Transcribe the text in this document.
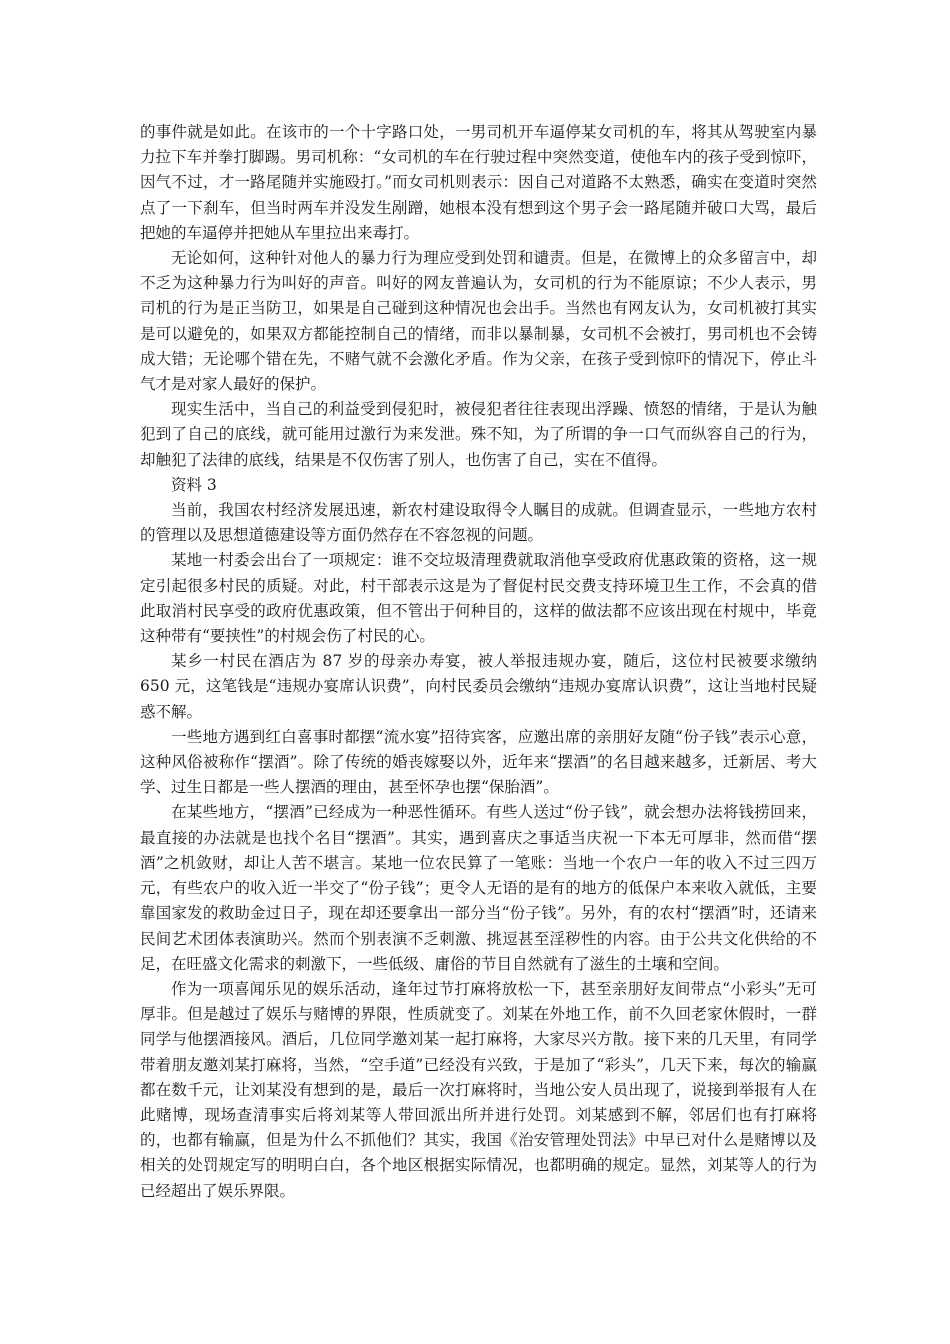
的事件就是如此。在该市的一个十字路口处，一男司机开车逼停某女司机的车，将其从驾驶室内暴力拉下车并拳打脚踢。男司机称：“女司机的车在行驶过程中突然变道，使他车内的孩子受到惊吓，因气不过，才一路尾随并实施殴打。”而女司机则表示：因自己对道路不太熟悉，确实在变道时突然点了一下刹车，但当时两车并没发生剐蹭，她根本没有想到这个男子会一路尾随并破口大骂，最后把她的车逼停并把她从车里拉出来毒打。

无论如何，这种针对他人的暴力行为理应受到处罚和谴责。但是，在微博上的众多留言中，却不乏为这种暴力行为叫好的声音。叫好的网友普遍认为，女司机的行为不能原谅；不少人表示，男司机的行为是正当防卫，如果是自己碰到这种情况也会出手。当然也有网友认为，女司机被打其实是可以避免的，如果双方都能控制自己的情绪，而非以暴制暴，女司机不会被打，男司机也不会铸成大错；无论哪个错在先，不赌气就不会激化矛盾。作为父亲，在孩子受到惊吓的情况下，停止斗气才是对家人最好的保护。

现实生活中，当自己的利益受到侵犯时，被侵犯者往往表现出浮躁、愤怒的情绪，于是认为触犯到了自己的底线，就可能用过激行为来发泄。殊不知，为了所谓的争一口气而纵容自己的行为，却触犯了法律的底线，结果是不仅伤害了别人，也伤害了自己，实在不值得。

资料 3

当前，我国农村经济发展迅速，新农村建设取得令人瞩目的成就。但调查显示，一些地方农村的管理以及思想道德建设等方面仍然存在不容忽视的问题。

某地一村委会出台了一项规定：谁不交垃圾清理费就取消他享受政府优惠政策的资格，这一规定引起很多村民的质疑。对此，村干部表示这是为了督促村民交费支持环境卫生工作，不会真的借此取消村民享受的政府优惠政策，但不管出于何种目的，这样的做法都不应该出现在村规中，毕竟这种带有“要挟性”的村规会伤了村民的心。

某乡一村民在酒店为 87 岁的母亲办寿宴，被人举报违规办宴，随后，这位村民被要求缴纳 650 元，这笔钱是“违规办宴席认识费”，向村民委员会缴纳“违规办宴席认识费”，这让当地村民疑惑不解。

一些地方遇到红白喜事时都摆“流水宴”招待宾客，应邀出席的亲朋好友随“份子钱”表示心意，这种风俗被称作“摆酒”。除了传统的婚丧嫁娶以外，近年来“摆酒”的名目越来越多，迁新居、考大学、过生日都是一些人摆酒的理由，甚至怀孕也摆“保胎酒”。

在某些地方，“摆酒”已经成为一种恶性循环。有些人送过“份子钱”，就会想办法将钱捞回来，最直接的办法就是也找个名目“摆酒”。其实，遇到喜庆之事适当庆祝一下本无可厚非，然而借“摆酒”之机敛财，却让人苦不堪言。某地一位农民算了一笔账：当地一个农户一年的收入不过三四万元，有些农户的收入近一半交了“份子钱”；更令人无语的是有的地方的低保户本来收入就低，主要靠国家发的救助金过日子，现在却还要拿出一部分当“份子钱”。另外，有的农村“摆酒”时，还请来民间艺术团体表演助兴。然而个别表演不乏刺激、挑逗甚至淫秽性的内容。由于公共文化供给的不足，在旺盛文化需求的刺激下，一些低级、庸俗的节目自然就有了滋生的土壤和空间。

作为一项喜闻乐见的娱乐活动，逢年过节打麻将放松一下，甚至亲朋好友间带点“小彩头”无可厚非。但是越过了娱乐与赌博的界限，性质就变了。刘某在外地工作，前不久回老家休假时，一群同学与他摆酒接风。酒后，几位同学邀刘某一起打麻将，大家尽兴方散。接下来的几天里，有同学带着朋友邀刘某打麻将，当然，“空手道”已经没有兴致，于是加了“彩头”，几天下来，每次的输赢都在数千元，让刘某没有想到的是，最后一次打麻将时，当地公安人员出现了，说接到举报有人在此赌博，现场查清事实后将刘某等人带回派出所并进行处罚。刘某感到不解，邻居们也有打麻将的，也都有输赢，但是为什么不抓他们？其实，我国《治安管理处罚法》中早已对什么是赌博以及相关的处罚规定写的明明白白，各个地区根据实际情况，也都明确的规定。显然，刘某等人的行为已经超出了娱乐界限。
